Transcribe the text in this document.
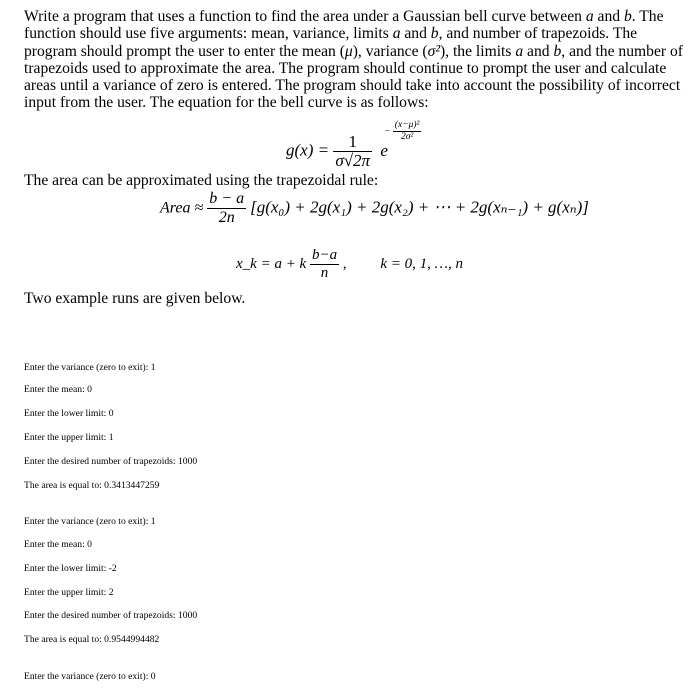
Write a program that uses a function to find the area under a Gaussian bell curve between a and b. The function should use five arguments: mean, variance, limits a and b, and number of trapezoids. The program should prompt the user to enter the mean (μ), variance (σ²), the limits a and b, and the number of trapezoids used to approximate the area. The program should continue to prompt the user and calculate areas until a variance of zero is entered. The program should take into account the possibility of incorrect input from the user. The equation for the bell curve is as follows:

$g(x) = \frac{1}{\sigma√2\pi}$ e
− $\frac{\text{(x−μ)²}}{\text{2σ²}}$
The area can be approximated using the trapezoidal rule:
Area ≈ $\frac{b - a}{2n} [g(x_0) + 2g(x_1) + 2g(x_2)$ + ⋯ + 2g(xₙ₋₁) + g(xₙ)]
x_k = a + k $\frac{b-a}{n}$ , k = 0, 1, …, n
Two example runs are given below.
Enter the variance (zero to exit): 1
Enter the mean: 0
Enter the lower limit: 0
Enter the upper limit: 1
Enter the desired number of trapezoids: 1000
The area is equal to: 0.3413447259
Enter the variance (zero to exit): 1
Enter the mean: 0
Enter the lower limit: -2
Enter the upper limit: 2
Enter the desired number of trapezoids: 1000
The area is equal to: 0.9544994482
Enter the variance (zero to exit): 0
